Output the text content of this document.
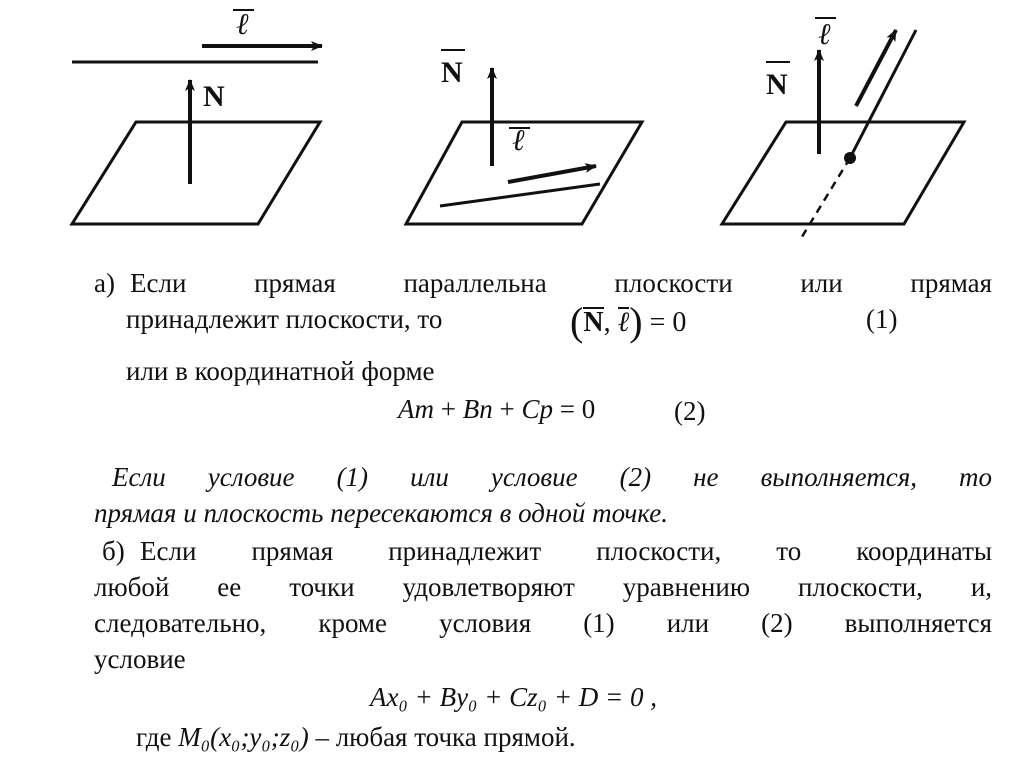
N
ℓ
N
ℓ
N
ℓ
а) Если	прямая	параллельна	плоскости	или	прямая
принадлежит плоскости, то	(N, ℓ) = 0	(1)
или в координатной форме
Am + Bn + Cp = 0	(2)
Если условие (1) или условие (2) не выполняется, то
прямая и плоскость пересекаются в одной точке.
б) Если прямая принадлежит плоскости, то координаты
любой ее точки удовлетворяют уравнению плоскости, и,
следовательно, кроме условия (1) или (2) выполняется
условие
Ax₀ + By₀ + Cz₀ + D = 0 ,
где M₀(x₀;y₀;z₀) – любая точка прямой.
